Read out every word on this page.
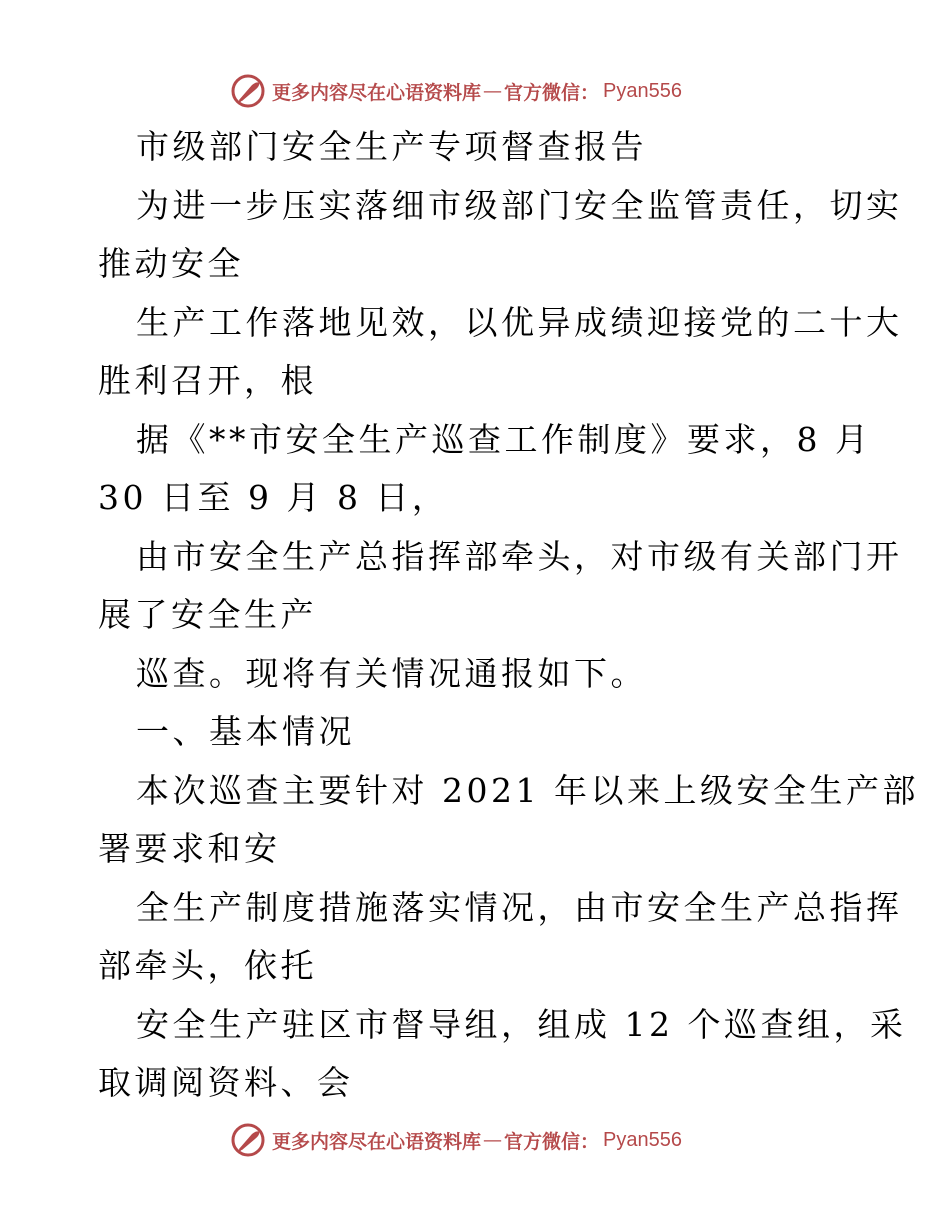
更多内容尽在心语资料库 — 官方微信： Pyan556
市级部门安全生产专项督查报告
为进一步压实落细市级部门安全监管责任，切实
推动安全
生产工作落地见效，以优异成绩迎接党的二十大
胜利召开，根
据《**市安全生产巡查工作制度》要求，8 月
30 日至 9 月 8 日，
由市安全生产总指挥部牵头，对市级有关部门开
展了安全生产
巡查。现将有关情况通报如下。
一、基本情况
本次巡查主要针对 2021 年以来上级安全生产部
署要求和安
全生产制度措施落实情况，由市安全生产总指挥
部牵头，依托
安全生产驻区市督导组，组成 12 个巡查组，采
取调阅资料、会
更多内容尽在心语资料库 — 官方微信： Pyan556
